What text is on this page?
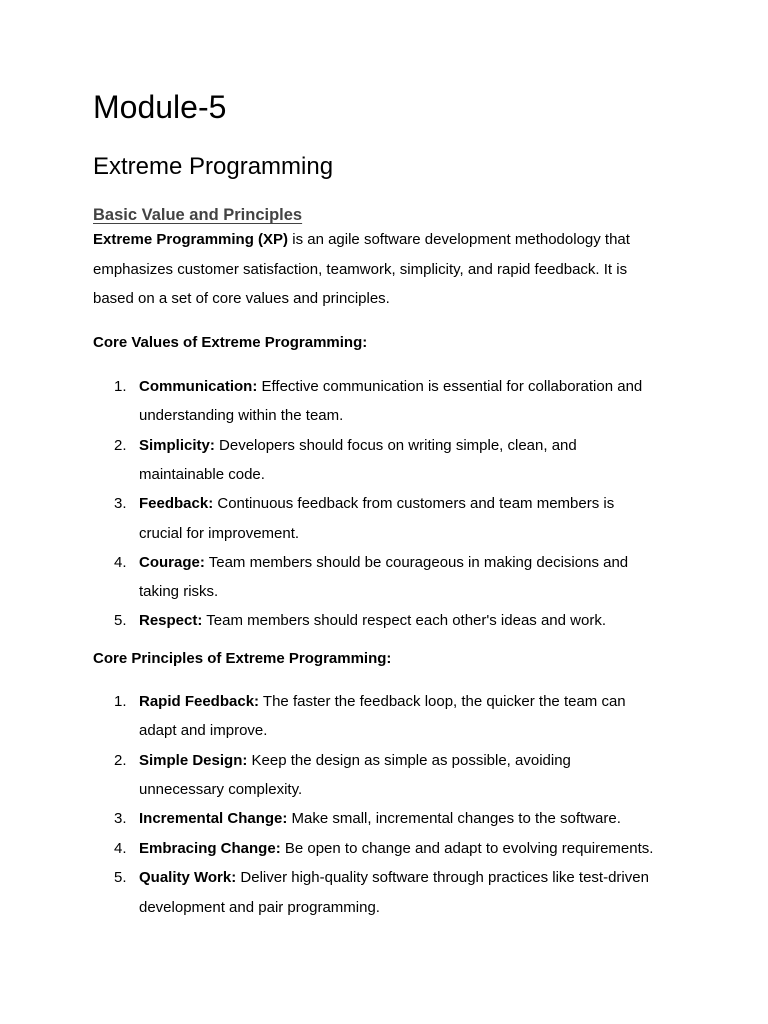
Module-5
Extreme Programming
Basic Value and Principles
Extreme Programming (XP) is an agile software development methodology that
emphasizes customer satisfaction, teamwork, simplicity, and rapid feedback. It is
based on a set of core values and principles.
Core Values of Extreme Programming:
1. Communication: Effective communication is essential for collaboration and
understanding within the team.
2. Simplicity: Developers should focus on writing simple, clean, and
maintainable code.
3. Feedback: Continuous feedback from customers and team members is
crucial for improvement.
4. Courage: Team members should be courageous in making decisions and
taking risks.
5. Respect: Team members should respect each other's ideas and work.
Core Principles of Extreme Programming:
1. Rapid Feedback: The faster the feedback loop, the quicker the team can
adapt and improve.
2. Simple Design: Keep the design as simple as possible, avoiding
unnecessary complexity.
3. Incremental Change: Make small, incremental changes to the software.
4. Embracing Change: Be open to change and adapt to evolving requirements.
5. Quality Work: Deliver high-quality software through practices like test-driven
development and pair programming.
